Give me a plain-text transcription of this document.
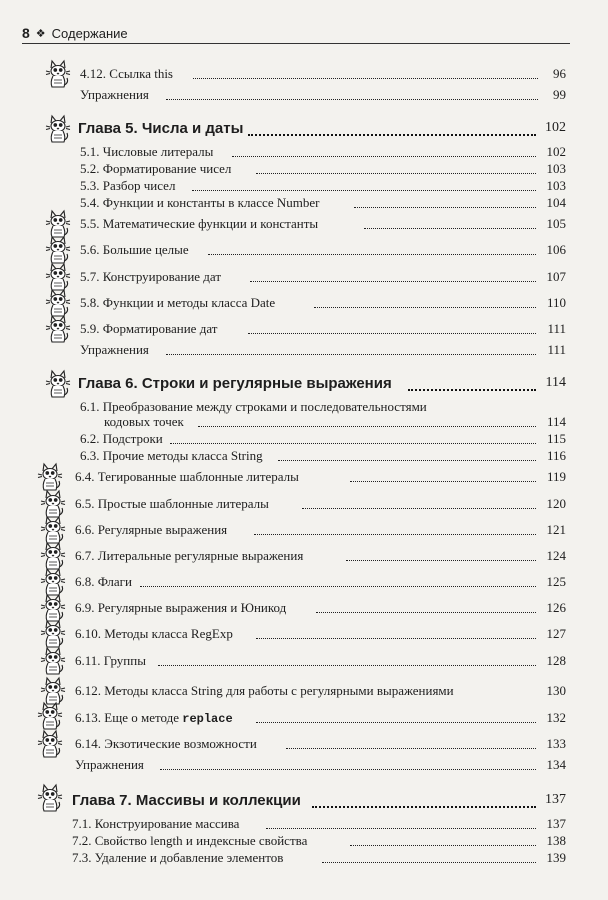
8 ❖ Содержание
4.12. Ссылка this	96
Упражнения	99
Глава 5. Числа и даты	102
5.1. Числовые литералы	102
5.2. Форматирование чисел	103
5.3. Разбор чисел	103
5.4. Функции и константы в классе Number	104
5.5. Математические функции и константы	105
5.6. Большие целые	106
5.7. Конструирование дат	107
5.8. Функции и методы класса Date	110
5.9. Форматирование дат	111
Упражнения	111
Глава 6. Строки и регулярные выражения	114
6.1. Преобразование между строками и последовательностями
кодовых точек	114
6.2. Подстроки	115
6.3. Прочие методы класса String	116
6.4. Тегированные шаблонные литералы	119
6.5. Простые шаблонные литералы	120
6.6. Регулярные выражения	121
6.7. Литеральные регулярные выражения	124
6.8. Флаги	125
6.9. Регулярные выражения и Юникод	126
6.10. Методы класса RegExp	127
6.11. Группы	128
6.12. Методы класса String для работы с регулярными выражениями	130
6.13. Еще о методе replace	132
6.14. Экзотические возможности	133
Упражнения	134
Глава 7. Массивы и коллекции	137
7.1. Конструирование массива	137
7.2. Свойство length и индексные свойства	138
7.3. Удаление и добавление элементов	139
